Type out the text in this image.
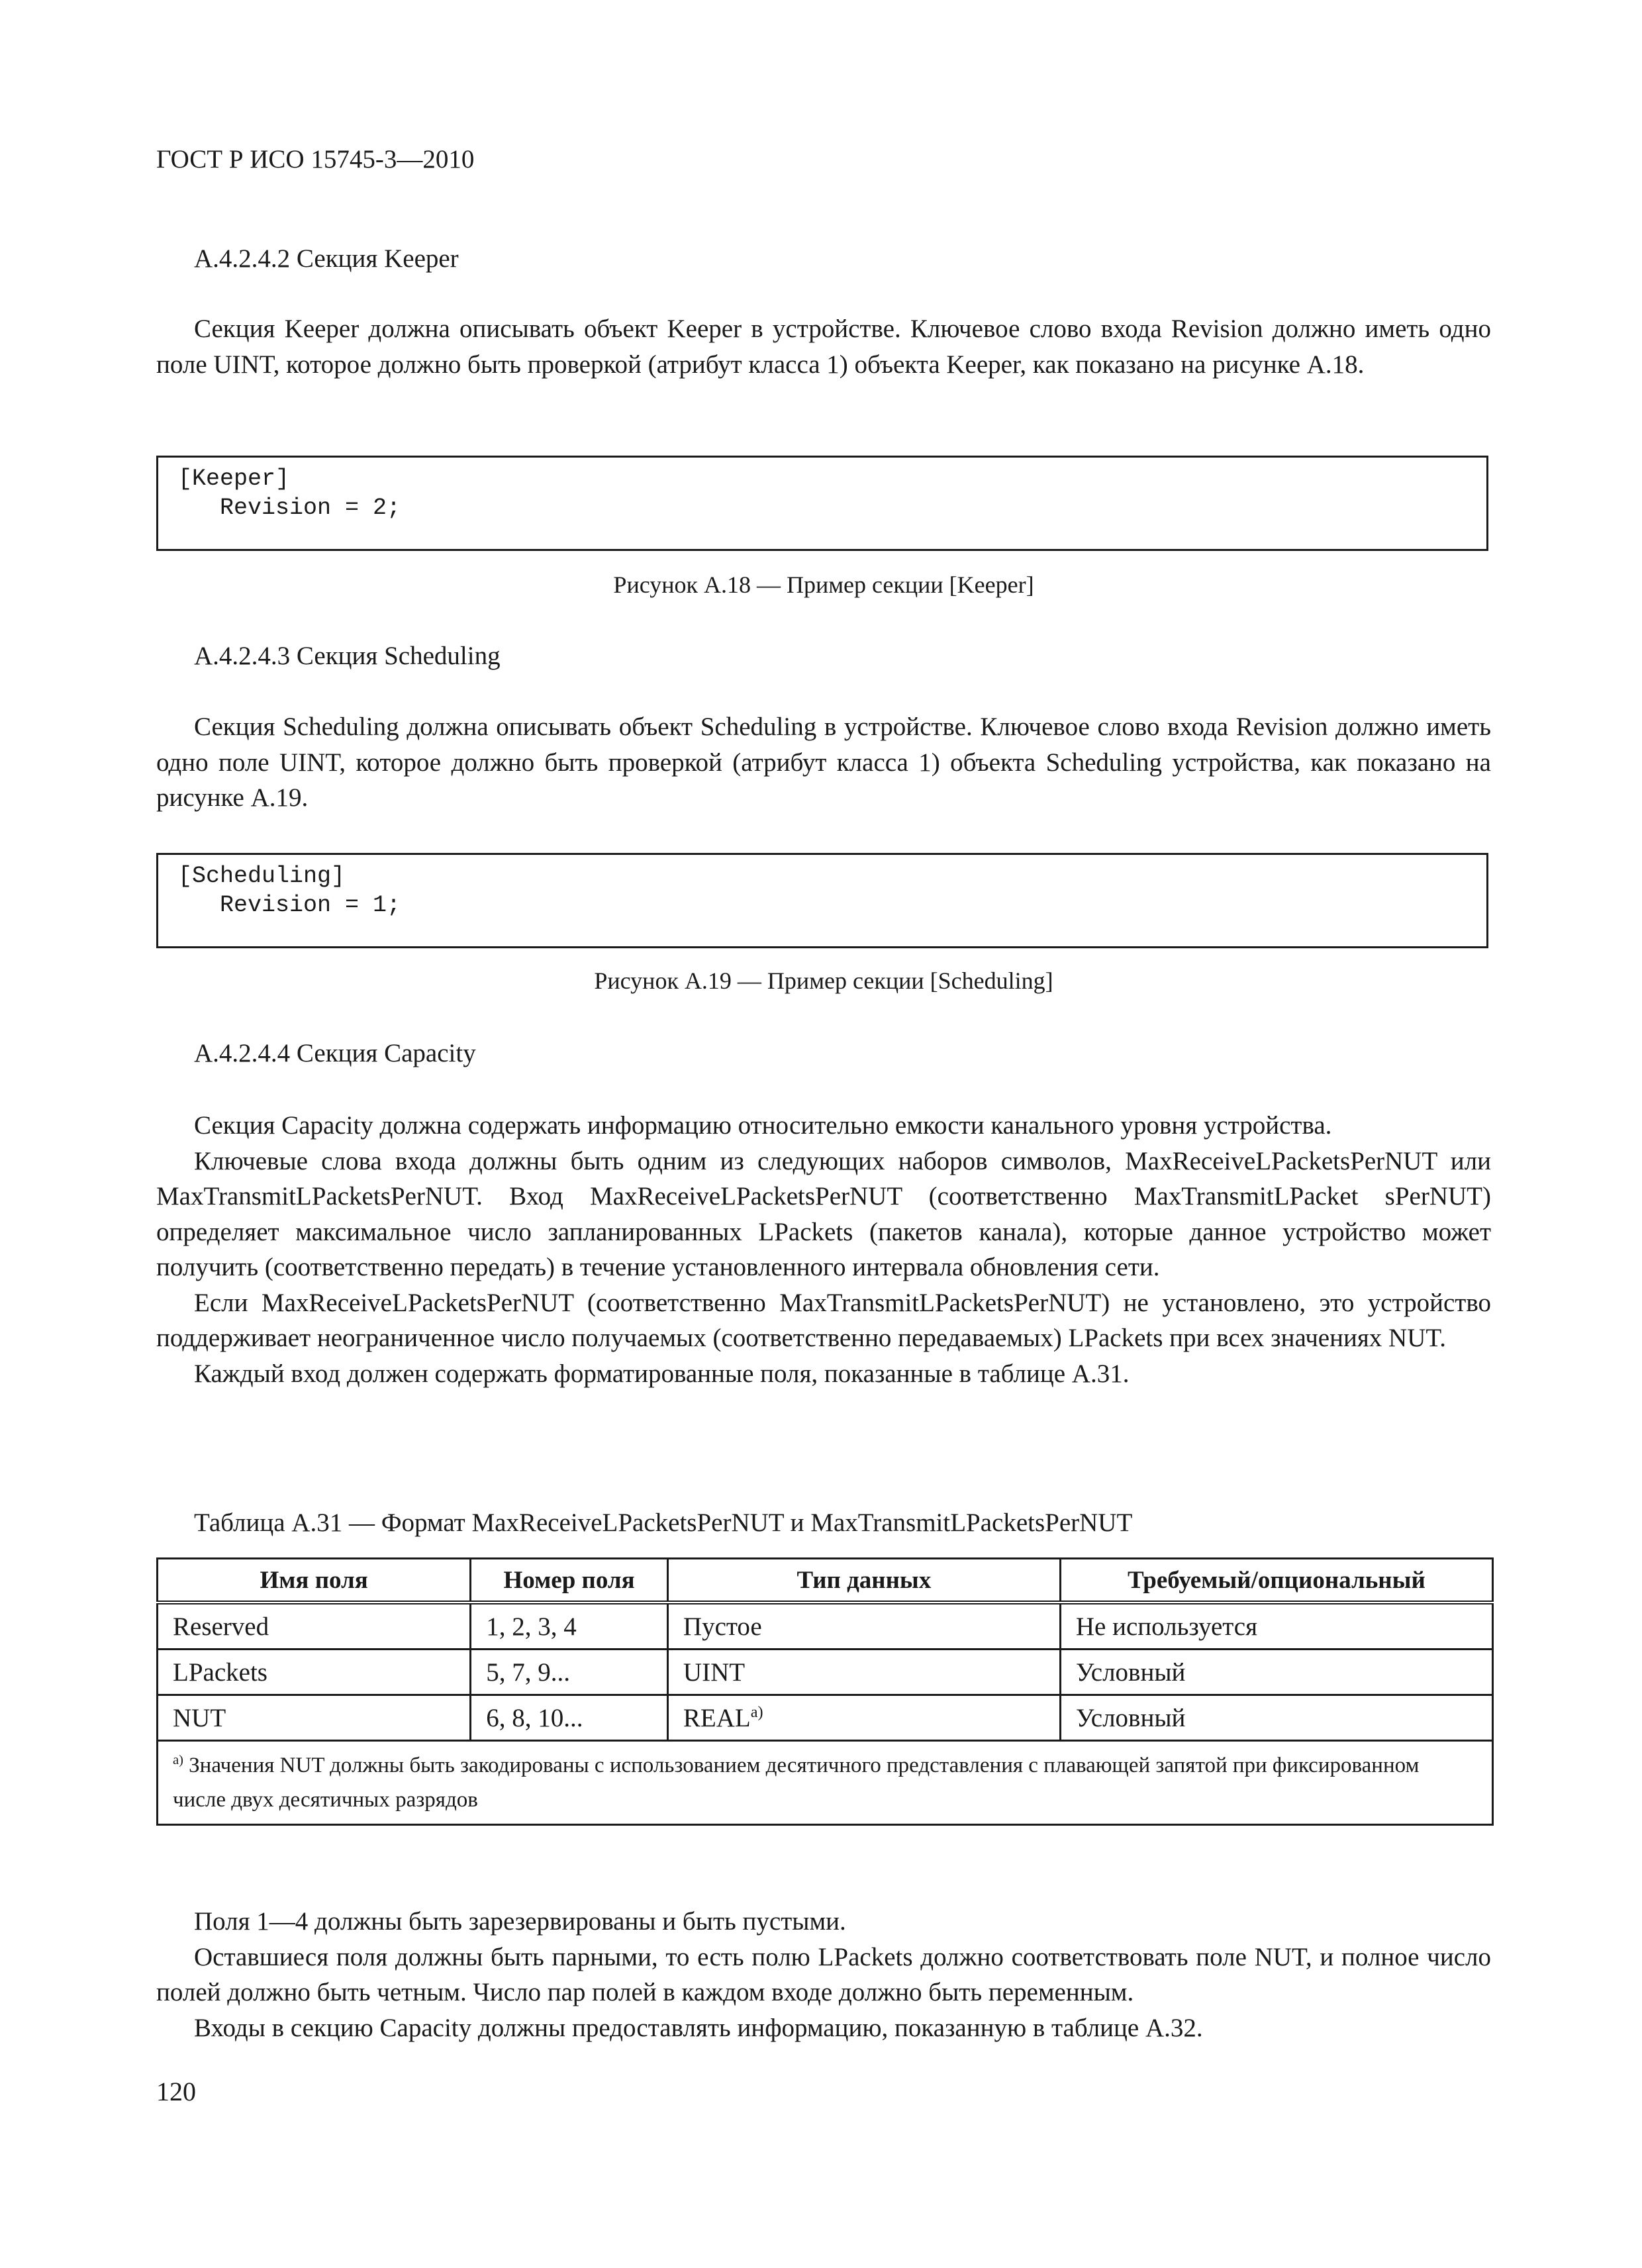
ГОСТ Р ИСО 15745-3—2010
А.4.2.4.2 Секция Keeper

Секция Keeper должна описывать объект Keeper в устройстве. Ключевое слово входа Revision должно иметь одно поле UINT, которое должно быть проверкой (атрибут класса 1) объекта Keeper, как показано на рисунке А.18.

[Keeper]
Revision = 2;
Рисунок А.18 — Пример секции [Keeper]
А.4.2.4.3 Секция Scheduling

Секция Scheduling должна описывать объект Scheduling в устройстве. Ключевое слово входа Revision должно иметь одно поле UINT, которое должно быть проверкой (атрибут класса 1) объекта Scheduling устройства, как показано на рисунке А.19.

[Scheduling]
Revision = 1;
Рисунок А.19 — Пример секции [Scheduling]
А.4.2.4.4 Секция Capacity

Секция Capacity должна содержать информацию относительно емкости канального уровня устройства.

Ключевые слова входа должны быть одним из следующих наборов символов, MaxReceiveLPacketsPerNUT или MaxTransmitLPacketsPerNUT. Вход MaxReceiveLPacketsPerNUT (соответственно MaxTransmitLPacket sPerNUT) определяет максимальное число запланированных LPackets (пакетов канала), которые данное устройство может получить (соответственно передать) в течение установленного интервала обновления сети.

Если MaxReceiveLPacketsPerNUT (соответственно MaxTransmitLPacketsPerNUT) не установлено, это устройство поддерживает неограниченное число получаемых (соответственно передаваемых) LPackets при всех значениях NUT.

Каждый вход должен содержать форматированные поля, показанные в таблице А.31.

Таблица А.31 — Формат MaxReceiveLPacketsPerNUT и MaxTransmitLPacketsPerNUT
Имя поля	Номер поля	Тип данных	Требуемый/опциональный
Reserved	1, 2, 3, 4	Пустое	Не используется
LPackets	5, 7, 9...	UINT	Условный
NUT	6, 8, 10...	REAL$^{a)}$	Условный
$^{a)}$ Значения NUT должны быть закодированы с использованием десятичного представления с плавающей запятой при фиксированном числе двух десятичных разрядов			

Поля 1—4 должны быть зарезервированы и быть пустыми.

Оставшиеся поля должны быть парными, то есть полю LPackets должно соответствовать поле NUT, и полное число полей должно быть четным. Число пар полей в каждом входе должно быть переменным.

Входы в секцию Capacity должны предоставлять информацию, показанную в таблице А.32.

120
